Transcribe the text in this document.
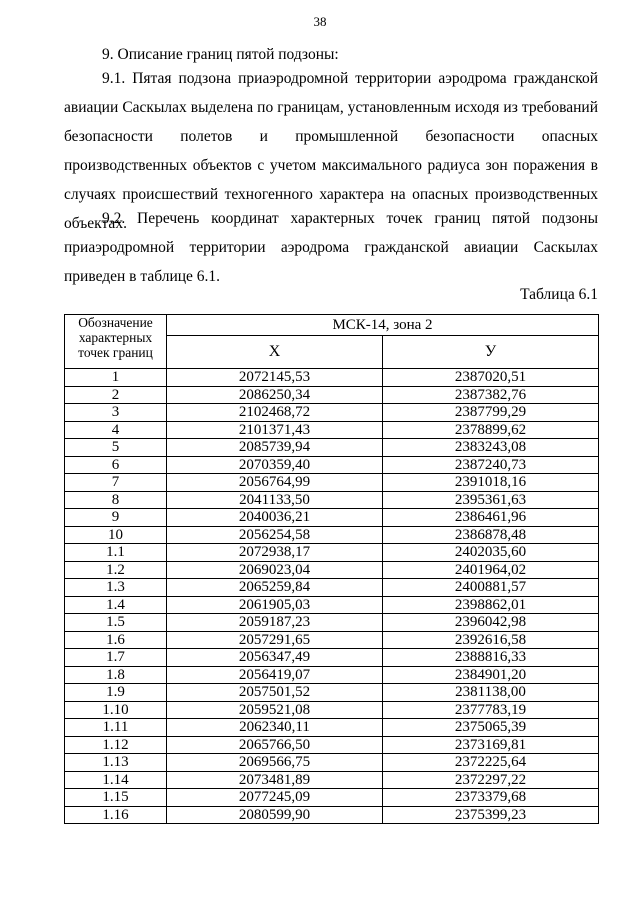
38
9. Описание границ пятой подзоны:

9.1. Пятая подзона приаэродромной территории аэродрома гражданской авиации Саскылах выделена по границам, установленным исходя из требований безопасности полетов и промышленной безопасности опасных производственных объектов с учетом максимального радиуса зон поражения в случаях происшествий техногенного характера на опасных производственных объектах.

9.2. Перечень координат характерных точек границ пятой подзоны приаэродромной территории аэродрома гражданской авиации Саскылах приведен в таблице 6.1.

Таблица 6.1
Обозначение
характерных
точек границ	МСК-14, зона 2	
	X	У
1	2072145,53	2387020,51
2	2086250,34	2387382,76
3	2102468,72	2387799,29
4	2101371,43	2378899,62
5	2085739,94	2383243,08
6	2070359,40	2387240,73
7	2056764,99	2391018,16
8	2041133,50	2395361,63
9	2040036,21	2386461,96
10	2056254,58	2386878,48
1.1	2072938,17	2402035,60
1.2	2069023,04	2401964,02
1.3	2065259,84	2400881,57
1.4	2061905,03	2398862,01
1.5	2059187,23	2396042,98
1.6	2057291,65	2392616,58
1.7	2056347,49	2388816,33
1.8	2056419,07	2384901,20
1.9	2057501,52	2381138,00
1.10	2059521,08	2377783,19
1.11	2062340,11	2375065,39
1.12	2065766,50	2373169,81
1.13	2069566,75	2372225,64
1.14	2073481,89	2372297,22
1.15	2077245,09	2373379,68
1.16	2080599,90	2375399,23
